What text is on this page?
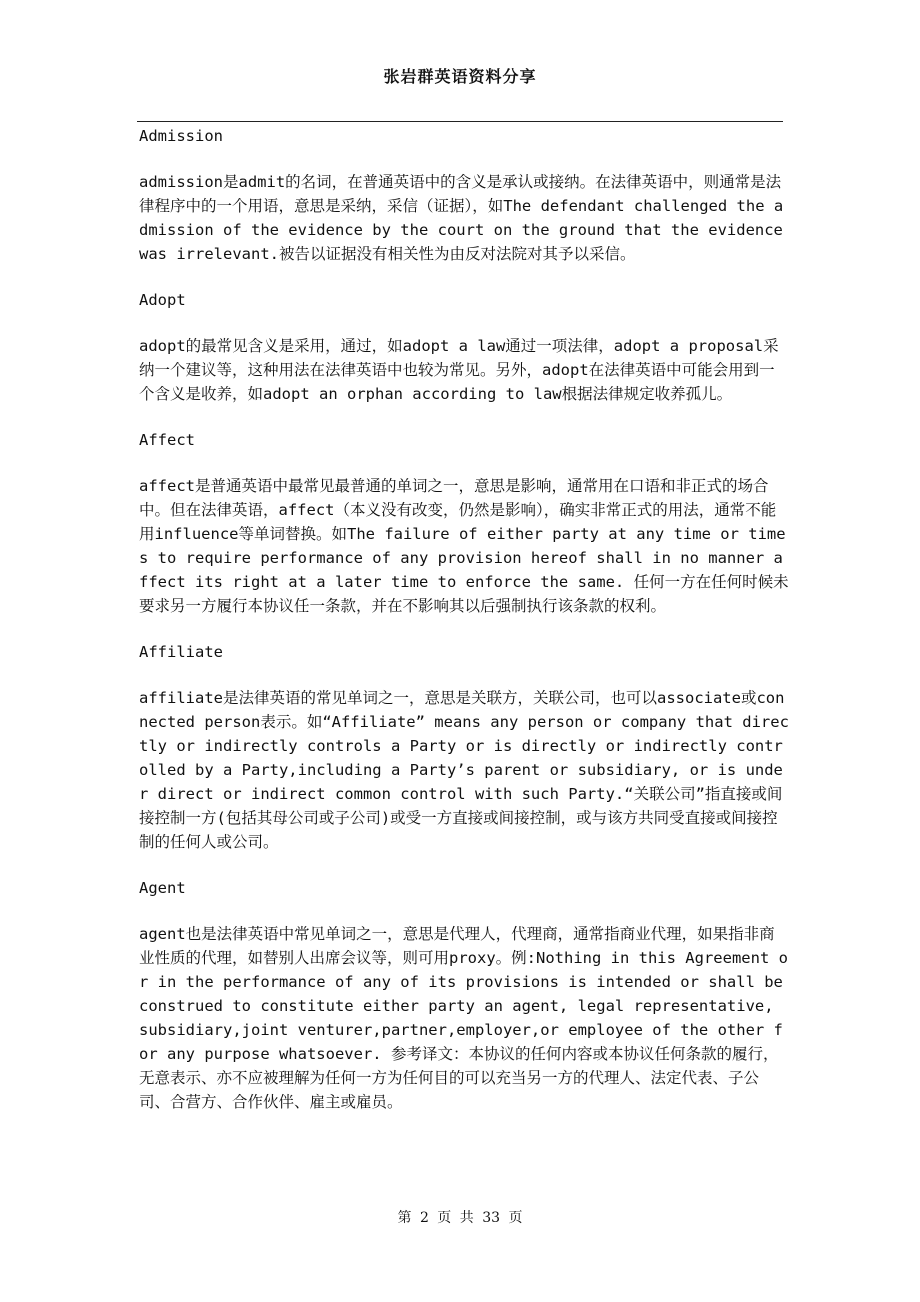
张岩群英语资料分享

Admission

admission是admit的名词，在普通英语中的含义是承认或接纳。在法律英语中，则通常是法律程序中的一个用语，意思是采纳，采信（证据），如The defendant challenged the admission of the evidence by the court on the ground that the evidence was irrelevant.被告以证据没有相关性为由反对法院对其予以采信。

Adopt

adopt的最常见含义是采用，通过，如adopt a law通过一项法律，adopt a proposal采纳一个建议等，这种用法在法律英语中也较为常见。另外，adopt在法律英语中可能会用到一个含义是收养，如adopt an orphan according to law根据法律规定收养孤儿。

Affect

affect是普通英语中最常见最普通的单词之一，意思是影响，通常用在口语和非正式的场合中。但在法律英语，affect（本义没有改变，仍然是影响），确实非常正式的用法，通常不能用influence等单词替换。如The failure of either party at any time or times to require performance of any provision hereof shall in no manner affect its right at a later time to enforce the same. 任何一方在任何时候未要求另一方履行本协议任一条款，并在不影响其以后强制执行该条款的权利。

Affiliate

affiliate是法律英语的常见单词之一，意思是关联方，关联公司，也可以associate或connected person表示。如“Affiliate” means any person or company that directly or indirectly controls a Party or is directly or indirectly controlled by a Party,including a Party’s parent or subsidiary, or is under direct or indirect common control with such Party.“关联公司”指直接或间接控制一方(包括其母公司或子公司)或受一方直接或间接控制，或与该方共同受直接或间接控制的任何人或公司。

Agent

agent也是法律英语中常见单词之一，意思是代理人，代理商，通常指商业代理，如果指非商业性质的代理，如替别人出席会议等，则可用proxy。例:Nothing in this Agreement or in the performance of any of its provisions is intended or shall be construed to constitute either party an agent, legal representative, subsidiary,joint venturer,partner,employer,or employee of the other for any purpose whatsoever. 参考译文：本协议的任何内容或本协议任何条款的履行，无意表示、亦不应被理解为任何一方为任何目的可以充当另一方的代理人、法定代表、子公司、合营方、合作伙伴、雇主或雇员。

第 2 页 共 33 页
